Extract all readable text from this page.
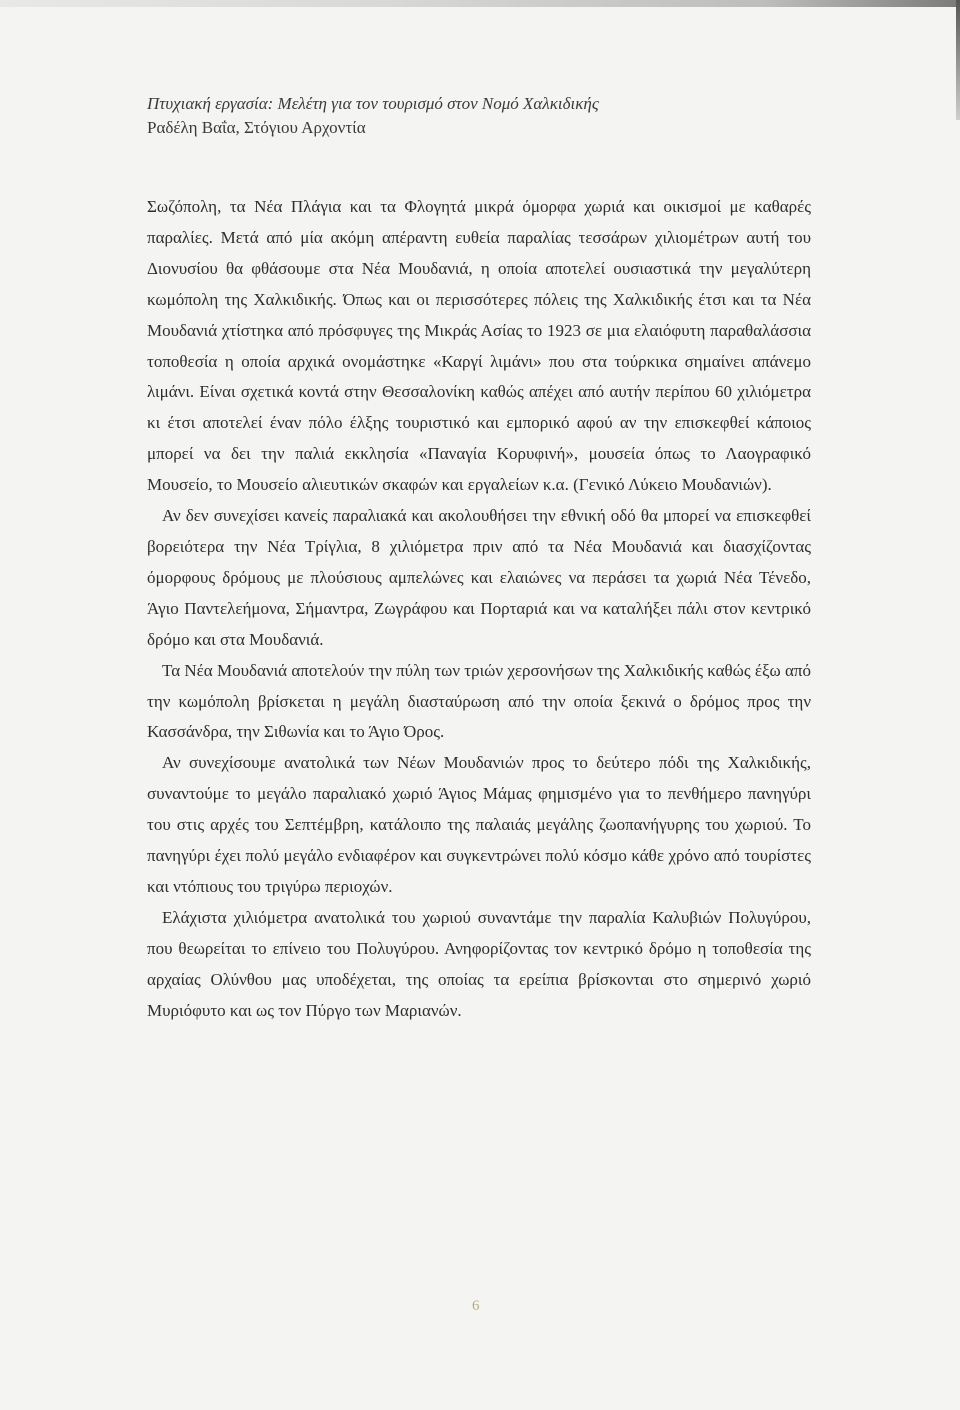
Πτυχιακή εργασία: Μελέτη για τον τουρισμό στον Νομό Χαλκιδικής
Ραδέλη Βαΐα, Στόγιου Αρχοντία

Σωζόπολη, τα Νέα Πλάγια και τα Φλογητά μικρά όμορφα χωριά και οικισμοί με καθαρές παραλίες. Μετά από μία ακόμη απέραντη ευθεία παραλίας τεσσάρων χιλιομέτρων αυτή του Διονυσίου θα φθάσουμε στα Νέα Μουδανιά, η οποία αποτελεί ουσιαστικά την μεγαλύτερη κωμόπολη της Χαλκιδικής. Όπως και οι περισσότερες πόλεις της Χαλκιδικής έτσι και τα Νέα Μουδανιά χτίστηκα από πρόσφυγες της Μικράς Ασίας το 1923 σε μια ελαιόφυτη παραθαλάσσια τοποθεσία η οποία αρχικά ονομάστηκε «Καργί λιμάνι» που στα τούρκικα σημαίνει απάνεμο λιμάνι. Είναι σχετικά κοντά στην Θεσσαλονίκη καθώς απέχει από αυτήν περίπου 60 χιλιόμετρα κι έτσι αποτελεί έναν πόλο έλξης τουριστικό και εμπορικό αφού αν την επισκεφθεί κάποιος μπορεί να δει την παλιά εκκλησία «Παναγία Κορυφινή», μουσεία όπως το Λαογραφικό Μουσείο, το Μουσείο αλιευτικών σκαφών και εργαλείων κ.α. (Γενικό Λύκειο Μουδανιών).

Αν δεν συνεχίσει κανείς παραλιακά και ακολουθήσει την εθνική οδό θα μπορεί να επισκεφθεί βορειότερα την Νέα Τρίγλια, 8 χιλιόμετρα πριν από τα Νέα Μουδανιά και διασχίζοντας όμορφους δρόμους με πλούσιους αμπελώνες και ελαιώνες να περάσει τα χωριά Νέα Τένεδο, Άγιο Παντελεήμονα, Σήμαντρα, Ζωγράφου και Πορταριά και να καταλήξει πάλι στον κεντρικό δρόμο και στα Μουδανιά.

Τα Νέα Μουδανιά αποτελούν την πύλη των τριών χερσονήσων της Χαλκιδικής καθώς έξω από την κωμόπολη βρίσκεται η μεγάλη διασταύρωση από την οποία ξεκινά ο δρόμος προς την Κασσάνδρα, την Σιθωνία και το Άγιο Όρος.

Αν συνεχίσουμε ανατολικά των Νέων Μουδανιών προς το δεύτερο πόδι της Χαλκιδικής, συναντούμε το μεγάλο παραλιακό χωριό Άγιος Μάμας φημισμένο για το πενθήμερο πανηγύρι του στις αρχές του Σεπτέμβρη, κατάλοιπο της παλαιάς μεγάλης ζωοπανήγυρης του χωριού. Το πανηγύρι έχει πολύ μεγάλο ενδιαφέρον και συγκεντρώνει πολύ κόσμο κάθε χρόνο από τουρίστες και ντόπιους του τριγύρω περιοχών.

Ελάχιστα χιλιόμετρα ανατολικά του χωριού συναντάμε την παραλία Καλυβιών Πολυγύρου, που θεωρείται το επίνειο του Πολυγύρου. Ανηφορίζοντας τον κεντρικό δρόμο η τοποθεσία της αρχαίας Ολύνθου μας υποδέχεται, της οποίας τα ερείπια βρίσκονται στο σημερινό χωριό Μυριόφυτο και ως τον Πύργο των Μαριανών.

6
